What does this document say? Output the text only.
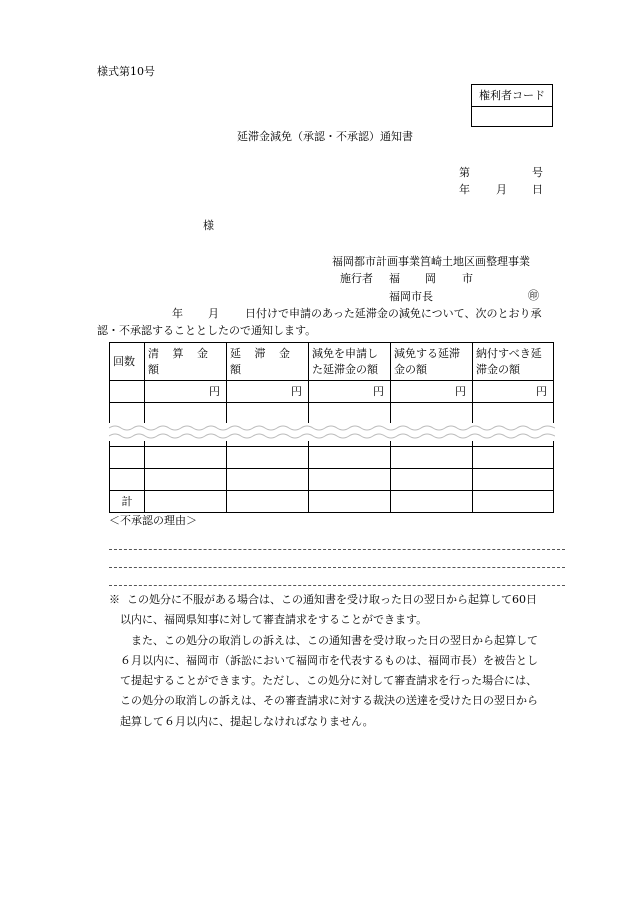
様式第10号
権利者コード
延滞金減免（承認・不承認）通知書
第	号
年 月 日
様
福岡都市計画事業筥崎土地区画整理事業
施行者 福 岡 市
福岡市長	㊞
年 月 日付けで申請のあった延滞金の減免について、次のとおり承
認・不承認することとしたので通知します。
回数	清 算 金 額	延 滞 金 額	減免を申請し
た延滞金の額	減免する延滞
金の額	納付すべき延
滞金の額
	円	円	円	円	円

計					
＜不承認の理由＞

※ この処分に不服がある場合は、この通知書を受け取った日の翌日から起算して60日

以内に、福岡県知事に対して審査請求をすることができます。

また、この処分の取消しの訴えは、この通知書を受け取った日の翌日から起算して

６月以内に、福岡市（訴訟において福岡市を代表するものは、福岡市長）を被告とし

て提起することができます。ただし、この処分に対して審査請求を行った場合には、

この処分の取消しの訴えは、その審査請求に対する裁決の送達を受けた日の翌日から

起算して６月以内に、提起しなければなりません。
